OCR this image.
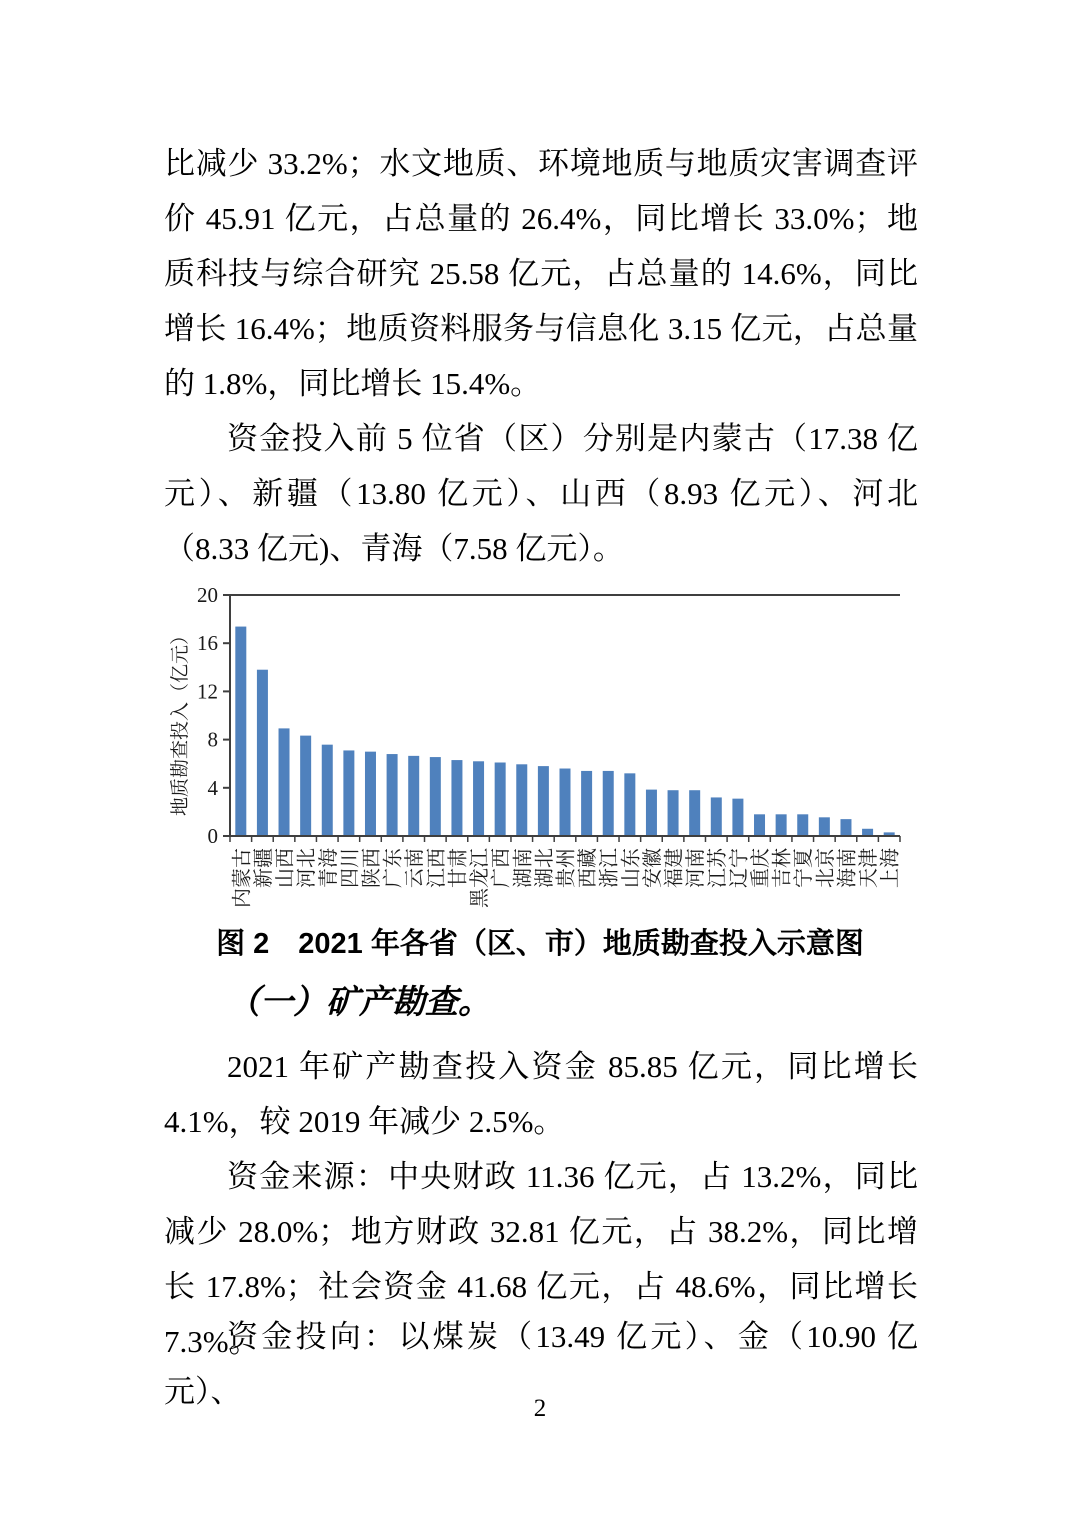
比减少 33.2%；水文地质、环境地质与地质灾害调查评价 45.91 亿元，占总量的 26.4%，同比增长 33.0%；地质科技与综合研究 25.58 亿元，占总量的 14.6%，同比增长 16.4%；地质资料服务与信息化 3.15 亿元，占总量的 1.8%，同比增长 15.4%。

资金投入前 5 位省（区）分别是内蒙古（17.38 亿元）、新疆（13.80 亿元）、山西（8.93 亿元）、河北（8.33 亿元)、青海（7.58 亿元）。

0
4
8
12
16
20
内蒙古 新疆 山西 河北 青海 四川 陕西 广东 云南 江西 甘肃 黑龙江 广西 湖南 湖北 贵州 西藏 浙江 山东 安徽 福建 河南 江苏 辽宁 重庆 吉林 宁夏 北京 海南 天津 上海
地质勘查投入（亿元）
图 2　2021 年各省（区、市）地质勘查投入示意图
（一）矿产勘查。

2021 年矿产勘查投入资金 85.85 亿元，同比增长 4.1%，较 2019 年减少 2.5%。

资金来源：中央财政 11.36 亿元，占 13.2%，同比减少 28.0%；地方财政 32.81 亿元，占 38.2%，同比增长 17.8%；社会资金 41.68 亿元，占 48.6%，同比增长 7.3%。

资金投向：以煤炭（13.49 亿元）、金（10.90 亿元）、	2
